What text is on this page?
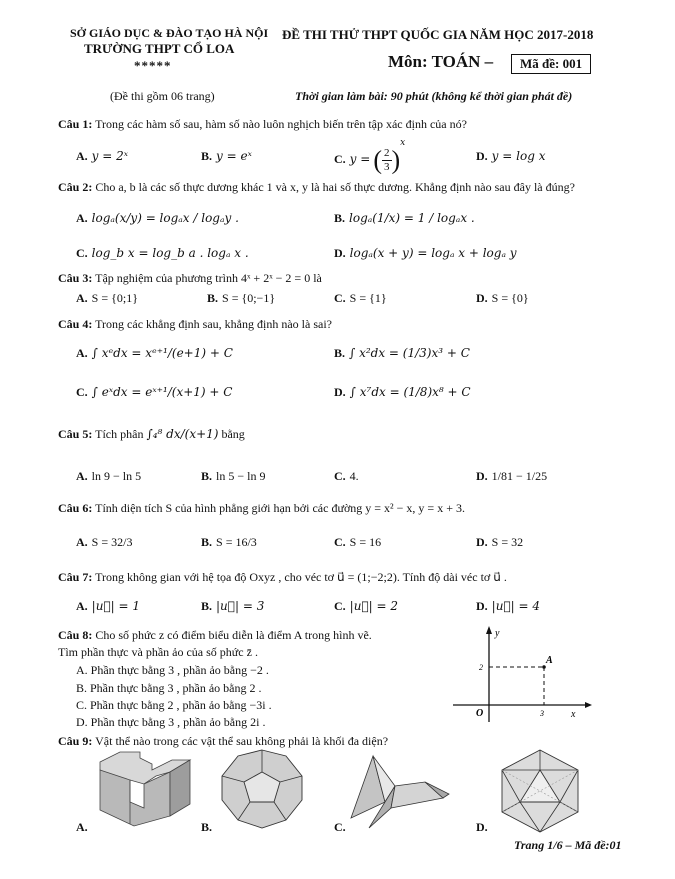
SỞ GIÁO DỤC & ĐÀO TẠO HÀ NỘI
TRƯỜNG THPT CỔ LOA
*****
(Đề thi gồm 06 trang)
ĐỀ THI THỬ THPT QUỐC GIA NĂM HỌC 2017-2018
Môn: TOÁN –	Mã đề: 001
Thời gian làm bài: 90 phút (không kể thời gian phát đề)
Câu 1: Trong các hàm số sau, hàm số nào luôn nghịch biến trên tập xác định của nó?
A. y = 2ˣ	B. y = eˣ	C. y = ( $\frac{2}{3} )^x$
D. y = log x
Câu 2: Cho a, b là các số thực dương khác 1 và x, y là hai số thực dương. Khẳng định nào sau đây là đúng?
A. logₐ(x/y) = logₐx / logₐy .	B. logₐ(1/x) = 1 / logₐx .
C. log_b x = log_b a . logₐ x .	D. logₐ(x + y) = logₐ x + logₐ y
Câu 3: Tập nghiệm của phương trình 4ˣ + 2ˣ − 2 = 0 là
A. S = {0;1}	B. S = {0;−1}	C. S = {1}	D. S = {0}
Câu 4: Trong các khẳng định sau, khẳng định nào là sai?
A. ∫ xᵉdx = xᵉ⁺¹/(e+1) + C	B. ∫ x²dx = (1/3)x³ + C
C. ∫ eˣdx = eˣ⁺¹/(x+1) + C	D. ∫ x⁷dx = (1/8)x⁸ + C
Câu 5: Tích phân ∫₄⁸ dx/(x+1) bằng
A. ln 9 − ln 5	B. ln 5 − ln 9	C. 4.	D. 1/81 − 1/25
Câu 6: Tính diện tích S của hình phẳng giới hạn bởi các đường y = x² − x, y = x + 3.
A. S = 32/3	B. S = 16/3	C. S = 16	D. S = 32
Câu 7: Trong không gian với hệ tọa độ Oxyz , cho véc tơ u⃗ = (1;−2;2). Tính độ dài véc tơ u⃗ .
A. |u⃗| = 1	B. |u⃗| = 3	C. |u⃗| = 2	D. |u⃗| = 4
Câu 8: Cho số phức z có điểm biểu diễn là điểm A trong hình vẽ.
Tìm phần thực và phần ảo của số phức z̄ .
A. Phần thực bằng 3 , phần ảo bằng −2 .
B. Phần thực bằng 3 , phần ảo bằng 2 .
C. Phần thực bằng 2 , phần ảo bằng −3i .
D. Phần thực bằng 3 , phần ảo bằng 2i .
y
x
O
A
3
2
Câu 9: Vật thể nào trong các vật thể sau không phải là khối đa diện?
A.	B.	C.	D.
Trang 1/6 – Mã đề:01
